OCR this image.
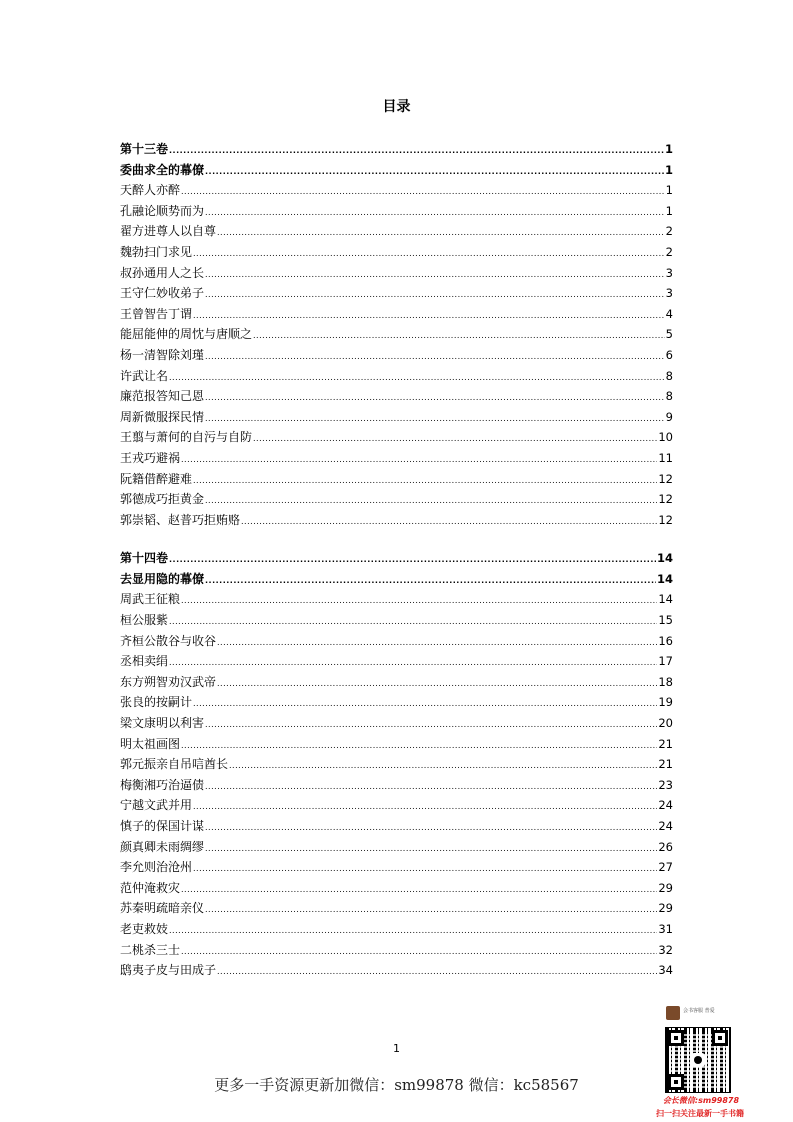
目录
第十三卷 .....	1
委曲求全的幕僚 .....	1
天醉人亦醉 .....	1
孔融论顺势而为 .....	1
翟方进尊人以自尊 .....	2
魏勃扫门求见 .....	2
叔孙通用人之长 .....	3
王守仁妙收弟子 .....	3
王曾智告丁谓 .....	4
能屈能伸的周忱与唐顺之 .....	5
杨一清智除刘瑾 .....	6
许武让名 .....	8
廉范报答知己恩 .....	8
周新微服探民情 .....	9
王翦与萧何的自污与自防 .....	10
王戎巧避祸 .....	11
阮籍借醉避难 .....	12
郭德成巧拒黄金 .....	12
郭崇韬、赵普巧拒贿赂 .....	12
第十四卷 .....	14
去显用隐的幕僚 .....	14
周武王征粮 .....	14
桓公服紫 .....	15
齐桓公散谷与收谷 .....	16
丞相卖绢 .....	17
东方朔智劝汉武帝 .....	18
张良的按嗣计 .....	19
梁文康明以利害 .....	20
明太祖画图 .....	21
郭元振亲自吊唁酋长 .....	21
梅衡湘巧治逼债 .....	23
宁越文武并用 .....	24
慎子的保国计谋 .....	24
颜真卿未雨绸缪 .....	26
李允则治沧州 .....	27
范仲淹救灾 .....	29
苏秦明疏暗亲仪 .....	29
老吏救妓 .....	31
二桃杀三士 .....	32
鸱夷子皮与田成子 .....	34
1
更多一手资源更新加微信：sm99878 微信：kc58567
会书客服 普爱
会长微信:sm99878
扫一扫关注最新一手书籍
